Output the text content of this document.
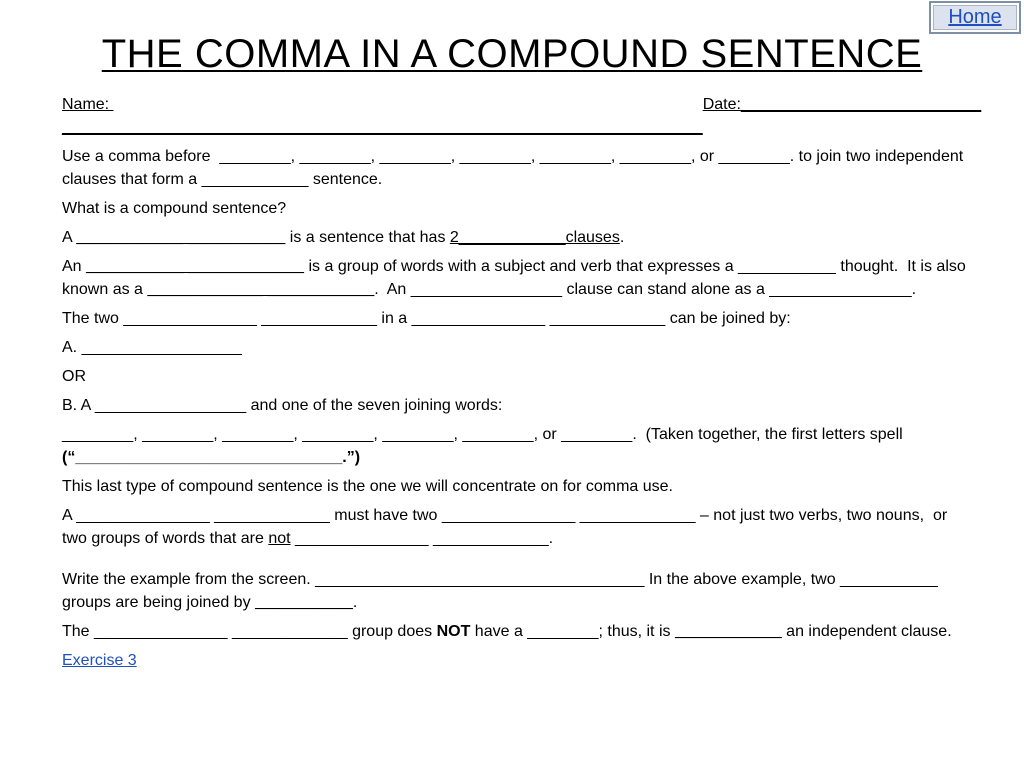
Home
THE COMMA IN A COMPOUND SENTENCE

Name: ________________________________________________________________________
Date:___________________________

Use a comma before  ________, ________, ________, ________, ________, ________, or ________. to join two independent clauses that form a ____________ sentence.

What is a compound sentence?

A ____________ ___________ is a sentence that has 2____________clauses.

An ___________ _____________ is a group of words with a subject and verb that expresses a ___________ thought.  It is also known as a _____________ ____________.  An _________________ clause can stand alone as a ________________.

The two _______________ _____________ in a _______________ _____________ can be joined by:

A. __________________

OR

B. A _________________ and one of the seven joining words:

________, ________, ________, ________, ________, ________, or ________.  (Taken together, the first letters spell   (“______________________________.”)

This last type of compound sentence is the one we will concentrate on for comma use.

A _______________ _____________ must have two _______________ _____________ – not just two verbs, two nouns,  or two groups of words that are not _______________ _____________.

Write the example from the screen. _____________________________________ In the above example, two ___________ groups are being joined by ___________.

The _______________ _____________ group does NOT have a ________; thus, it is ____________ an independent clause.

Exercise 3
